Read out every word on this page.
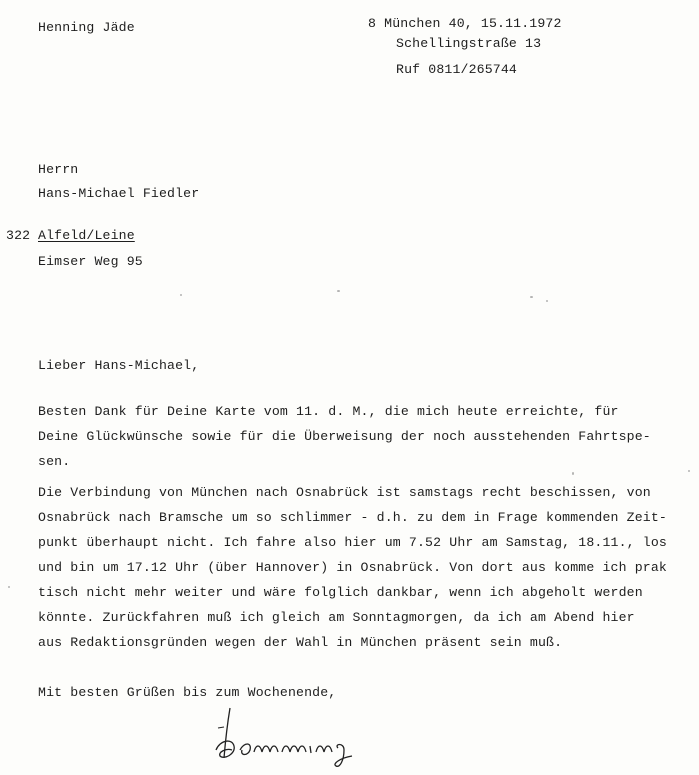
Henning Jäde	8 München 40, 15.11.1972
Schellingstraße 13
Ruf 0811/265744
Herrn
Hans-Michael Fiedler
322 Alfeld/Leine
Eimser Weg 95
Lieber Hans-Michael,
Besten Dank für Deine Karte vom 11. d. M., die mich heute erreichte, für
Deine Glückwünsche sowie für die Überweisung der noch ausstehenden Fahrtspe-
sen.
Die Verbindung von München nach Osnabrück ist samstags recht beschissen, von
Osnabrück nach Bramsche um so schlimmer - d.h. zu dem in Frage kommenden Zeit-
punkt überhaupt nicht. Ich fahre also hier um 7.52 Uhr am Samstag, 18.11., los
und bin um 17.12 Uhr (über Hannover) in Osnabrück. Von dort aus komme ich prak
tisch nicht mehr weiter und wäre folglich dankbar, wenn ich abgeholt werden
könnte. Zurückfahren muß ich gleich am Sonntagmorgen, da ich am Abend hier
aus Redaktionsgründen wegen der Wahl in München präsent sein muß.
Mit besten Grüßen bis zum Wochenende,
